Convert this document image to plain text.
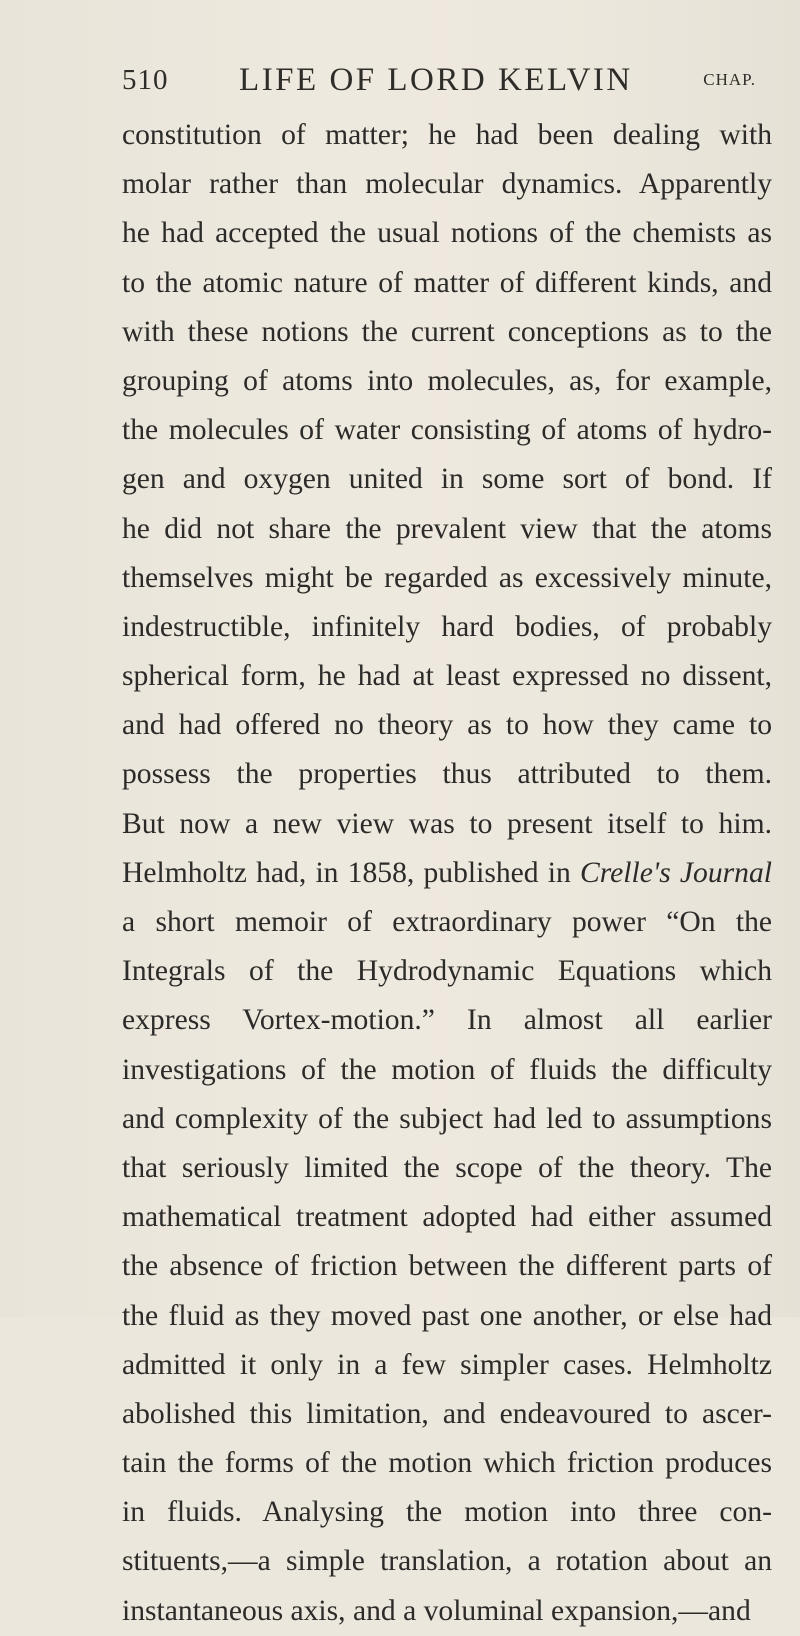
510 LIFE OF LORD KELVIN	CHAP.
constitution of matter; he had been dealing with
molar rather than molecular dynamics. Apparently
he had accepted the usual notions of the chemists as
to the atomic nature of matter of different kinds, and
with these notions the current conceptions as to the
grouping of atoms into molecules, as, for example,
the molecules of water consisting of atoms of hydro-
gen and oxygen united in some sort of bond. If
he did not share the prevalent view that the atoms
themselves might be regarded as excessively minute,
indestructible, infinitely hard bodies, of probably
spherical form, he had at least expressed no dissent,
and had offered no theory as to how they came to
possess the properties thus attributed to them.
But now a new view was to present itself to him.
Helmholtz had, in 1858, published in Crelle's Journal
a short memoir of extraordinary power “On the
Integrals of the Hydrodynamic Equations which
express Vortex-motion.” In almost all earlier
investigations of the motion of fluids the difficulty
and complexity of the subject had led to assumptions
that seriously limited the scope of the theory. The
mathematical treatment adopted had either assumed
the absence of friction between the different parts of
the fluid as they moved past one another, or else had
admitted it only in a few simpler cases. Helmholtz
abolished this limitation, and endeavoured to ascer-
tain the forms of the motion which friction produces
in fluids. Analysing the motion into three con-
stituents,—a simple translation, a rotation about an
instantaneous axis, and a voluminal expansion,—and
